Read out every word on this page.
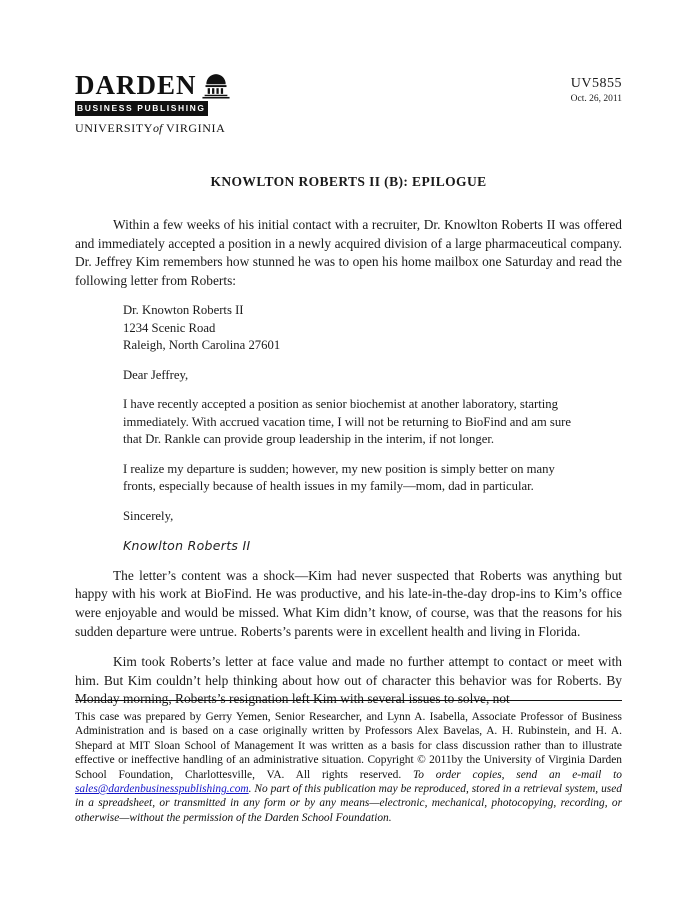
DARDEN
BUSINESS PUBLISHING
UNIVERSITYof VIRGINIA
UV5855
Oct. 26, 2011
KNOWLTON ROBERTS II (B): EPILOGUE

Within a few weeks of his initial contact with a recruiter, Dr. Knowlton Roberts II was offered and immediately accepted a position in a newly acquired division of a large pharmaceutical company. Dr. Jeffrey Kim remembers how stunned he was to open his home mailbox one Saturday and read the following letter from Roberts:

Dr. Knowton Roberts II

1234 Scenic Road

Raleigh, North Carolina 27601

Dear Jeffrey,

I have recently accepted a position as senior biochemist at another laboratory, starting immediately. With accrued vacation time, I will not be returning to BioFind and am sure that Dr. Rankle can provide group leadership in the interim, if not longer.

I realize my departure is sudden; however, my new position is simply better on many fronts, especially because of health issues in my family—mom, dad in particular.

Sincerely,

Knowlton Roberts II

The letter’s content was a shock—Kim had never suspected that Roberts was anything but happy with his work at BioFind. He was productive, and his late-in-the-day drop-ins to Kim’s office were enjoyable and would be missed. What Kim didn’t know, of course, was that the reasons for his sudden departure were untrue. Roberts’s parents were in excellent health and living in Florida.

Kim took Roberts’s letter at face value and made no further attempt to contact or meet with him. But Kim couldn’t help thinking about how out of character this behavior was for Roberts. By Monday morning, Roberts’s resignation left Kim with several issues to solve, not

This case was prepared by Gerry Yemen, Senior Researcher, and Lynn A. Isabella, Associate Professor of Business Administration and is based on a case originally written by Professors Alex Bavelas, A. H. Rubinstein, and H. A. Shepard at MIT Sloan School of Management It was written as a basis for class discussion rather than to illustrate effective or ineffective handling of an administrative situation. Copyright © 2011by the University of Virginia Darden School Foundation, Charlottesville, VA. All rights reserved. To order copies, send an e-mail to sales@dardenbusinesspublishing.com. No part of this publication may be reproduced, stored in a retrieval system, used in a spreadsheet, or transmitted in any form or by any means—electronic, mechanical, photocopying, recording, or otherwise—without the permission of the Darden School Foundation.
